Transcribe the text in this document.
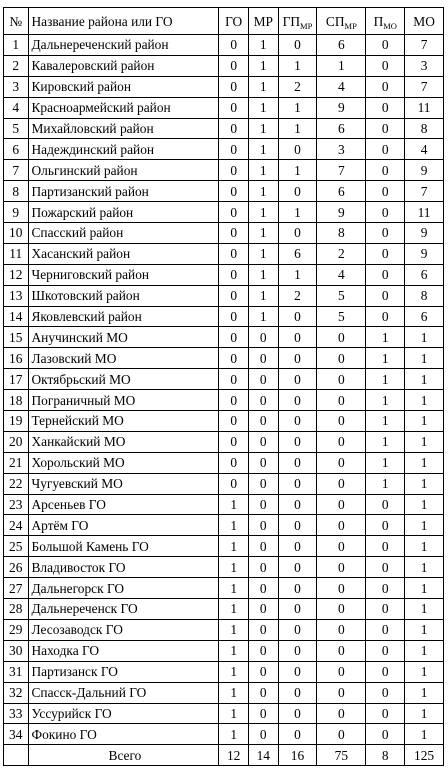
№	Название района или ГО	ГО	МР	$ГП_{МР}$	$СП_{МР}$	$П_{МО}$	МО
1	Дальнереченский район	0	1	0	6	0	7
2	Кавалеровский район	0	1	1	1	0	3
3	Кировский район	0	1	2	4	0	7
4	Красноармейский район	0	1	1	9	0	11
5	Михайловский район	0	1	1	6	0	8
6	Надеждинский район	0	1	0	3	0	4
7	Ольгинский район	0	1	1	7	0	9
8	Партизанский район	0	1	0	6	0	7
9	Пожарский район	0	1	1	9	0	11
10	Спасский район	0	1	0	8	0	9
11	Хасанский район	0	1	6	2	0	9
12	Черниговский район	0	1	1	4	0	6
13	Шкотовский район	0	1	2	5	0	8
14	Яковлевский район	0	1	0	5	0	6
15	Анучинский МО	0	0	0	0	1	1
16	Лазовский МО	0	0	0	0	1	1
17	Октябрьский МО	0	0	0	0	1	1
18	Пограничный МО	0	0	0	0	1	1
19	Тернейский МО	0	0	0	0	1	1
20	Ханкайский МО	0	0	0	0	1	1
21	Хорольский МО	0	0	0	0	1	1
22	Чугуевский МО	0	0	0	0	1	1
23	Арсеньев ГО	1	0	0	0	0	1
24	Артём ГО	1	0	0	0	0	1
25	Большой Камень ГО	1	0	0	0	0	1
26	Владивосток ГО	1	0	0	0	0	1
27	Дальнегорск ГО	1	0	0	0	0	1
28	Дальнереченск ГО	1	0	0	0	0	1
29	Лесозаводск ГО	1	0	0	0	0	1
30	Находка ГО	1	0	0	0	0	1
31	Партизанск ГО	1	0	0	0	0	1
32	Спасск-Дальний ГО	1	0	0	0	0	1
33	Уссурийск ГО	1	0	0	0	0	1
34	Фокино ГО	1	0	0	0	0	1
	Всего	12	14	16	75	8	125
